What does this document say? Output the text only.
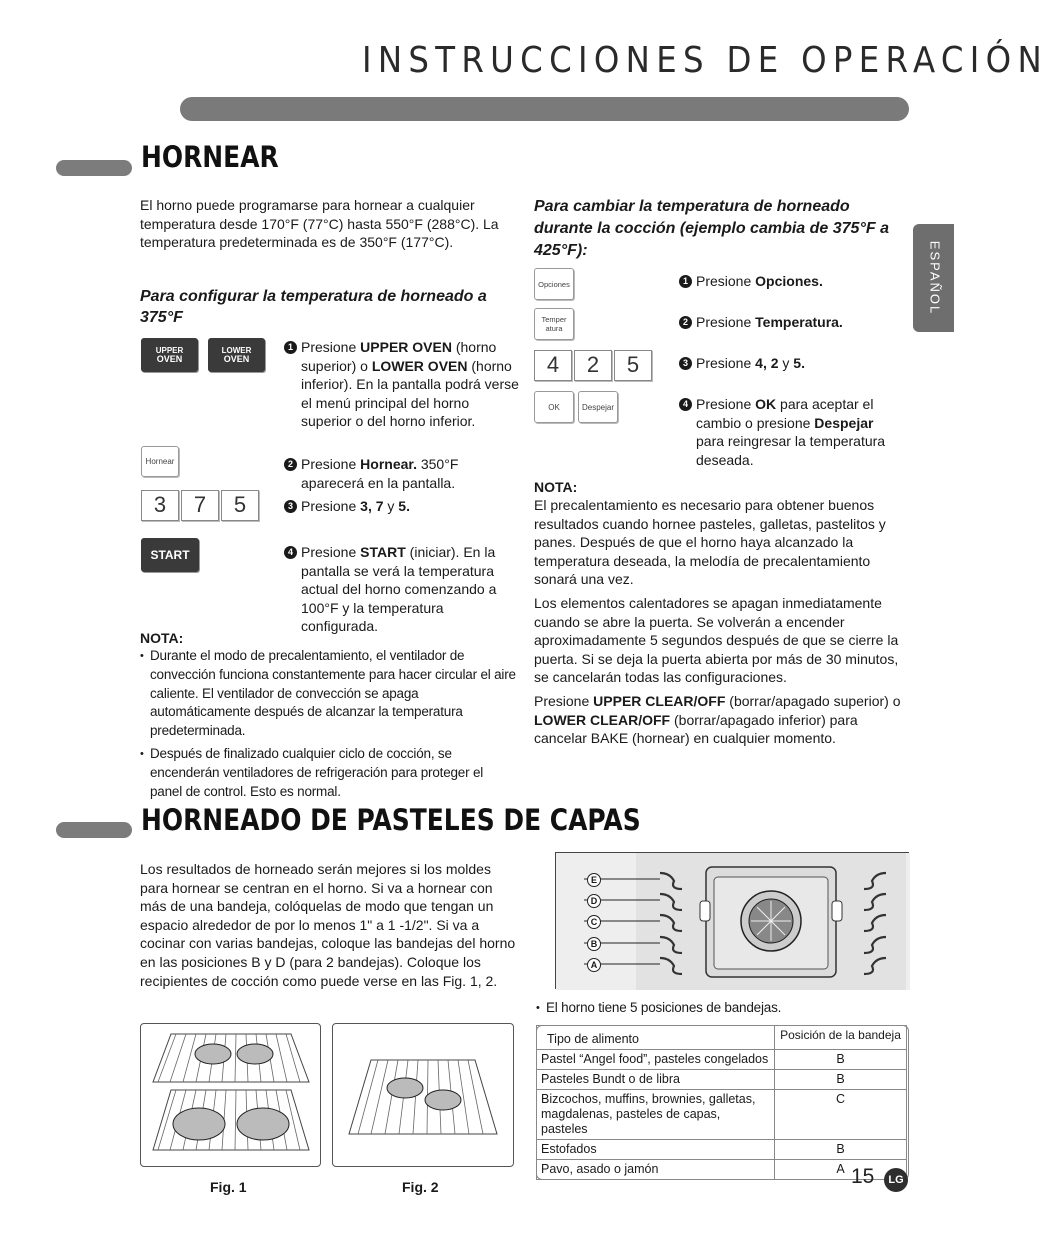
INSTRUCCIONES DE OPERACIÓN
ESPAÑOL
HORNEAR
El horno puede programarse para hornear a cualquier temperatura desde 170°F (77°C) hasta 550°F (288°C). La temperatura predeterminada es de 350°F (177°C).
Para configurar la temperatura de horneado a 375°F
UPPER
OVEN
LOWER
OVEN
Hornear
3	7	5
START
1 Presione UPPER OVEN (horno superior) o LOWER OVEN (horno inferior). En la pantalla podrá verse el menú principal del horno superior o del horno inferior.
2 Presione Hornear. 350°F aparecerá en la pantalla.
3 Presione 3, 7 y 5.
4 Presione START (iniciar). En la pantalla se verá la temperatura actual del horno comenzando a 100°F y la temperatura configurada.
NOTA:
• Durante el modo de precalentamiento, el ventilador de convección funciona constantemente para hacer circular el aire caliente. El ventilador de convección se apaga automáticamente después de alcanzar la temperatura predeterminada.
• Después de finalizado cualquier ciclo de cocción, se encenderán ventiladores de refrigeración para proteger el panel de control. Esto es normal.
Para cambiar la temperatura de horneado durante la cocción (ejemplo cambia de 375°F a 425°F):
Opciones
Temper
atura
4	2	5
OK	Despejar
1 Presione Opciones.
2 Presione Temperatura.
3 Presione 4, 2 y 5.
4 Presione OK para aceptar el cambio o presione Despejar para reingresar la temperatura deseada.
NOTA:
El precalentamiento es necesario para obtener buenos resultados cuando hornee pasteles, galletas, pastelitos y panes. Después de que el horno haya alcanzado la temperatura deseada, la melodía de precalentamiento sonará una vez.
Los elementos calentadores se apagan inmediatamente cuando se abre la puerta. Se volverán a encender aproximadamente 5 segundos después de que se cierre la puerta. Si se deja la puerta abierta por más de 30 minutos, se cancelarán todas las configuraciones.
Presione UPPER CLEAR/OFF (borrar/apagado superior) o LOWER CLEAR/OFF (borrar/apagado inferior) para cancelar BAKE (hornear) en cualquier momento.
HORNEADO DE PASTELES DE CAPAS
Los resultados de horneado serán mejores si los moldes para hornear se centran en el horno. Si va a hornear con más de una bandeja, colóquelas de modo que tengan un espacio alrededor de por lo menos 1" a 1 -1/2". Si va a cocinar con varias bandejas, coloque las bandejas del horno en las posiciones B y D (para 2 bandejas). Coloque los recipientes de cocción como puede verse en las Fig. 1, 2.
E
D
C
B
A
• El horno tiene 5 posiciones de bandejas.
Tipo de alimento	Posición de la bandeja
Pastel “Angel food”, pasteles congelados	B
Pasteles Bundt o de libra	B
Bizcochos, muffins, brownies, galletas, magdalenas, pasteles de capas, pasteles	C
Estofados	B
Pavo, asado o jamón	A
Fig. 1	Fig. 2	15	LG
